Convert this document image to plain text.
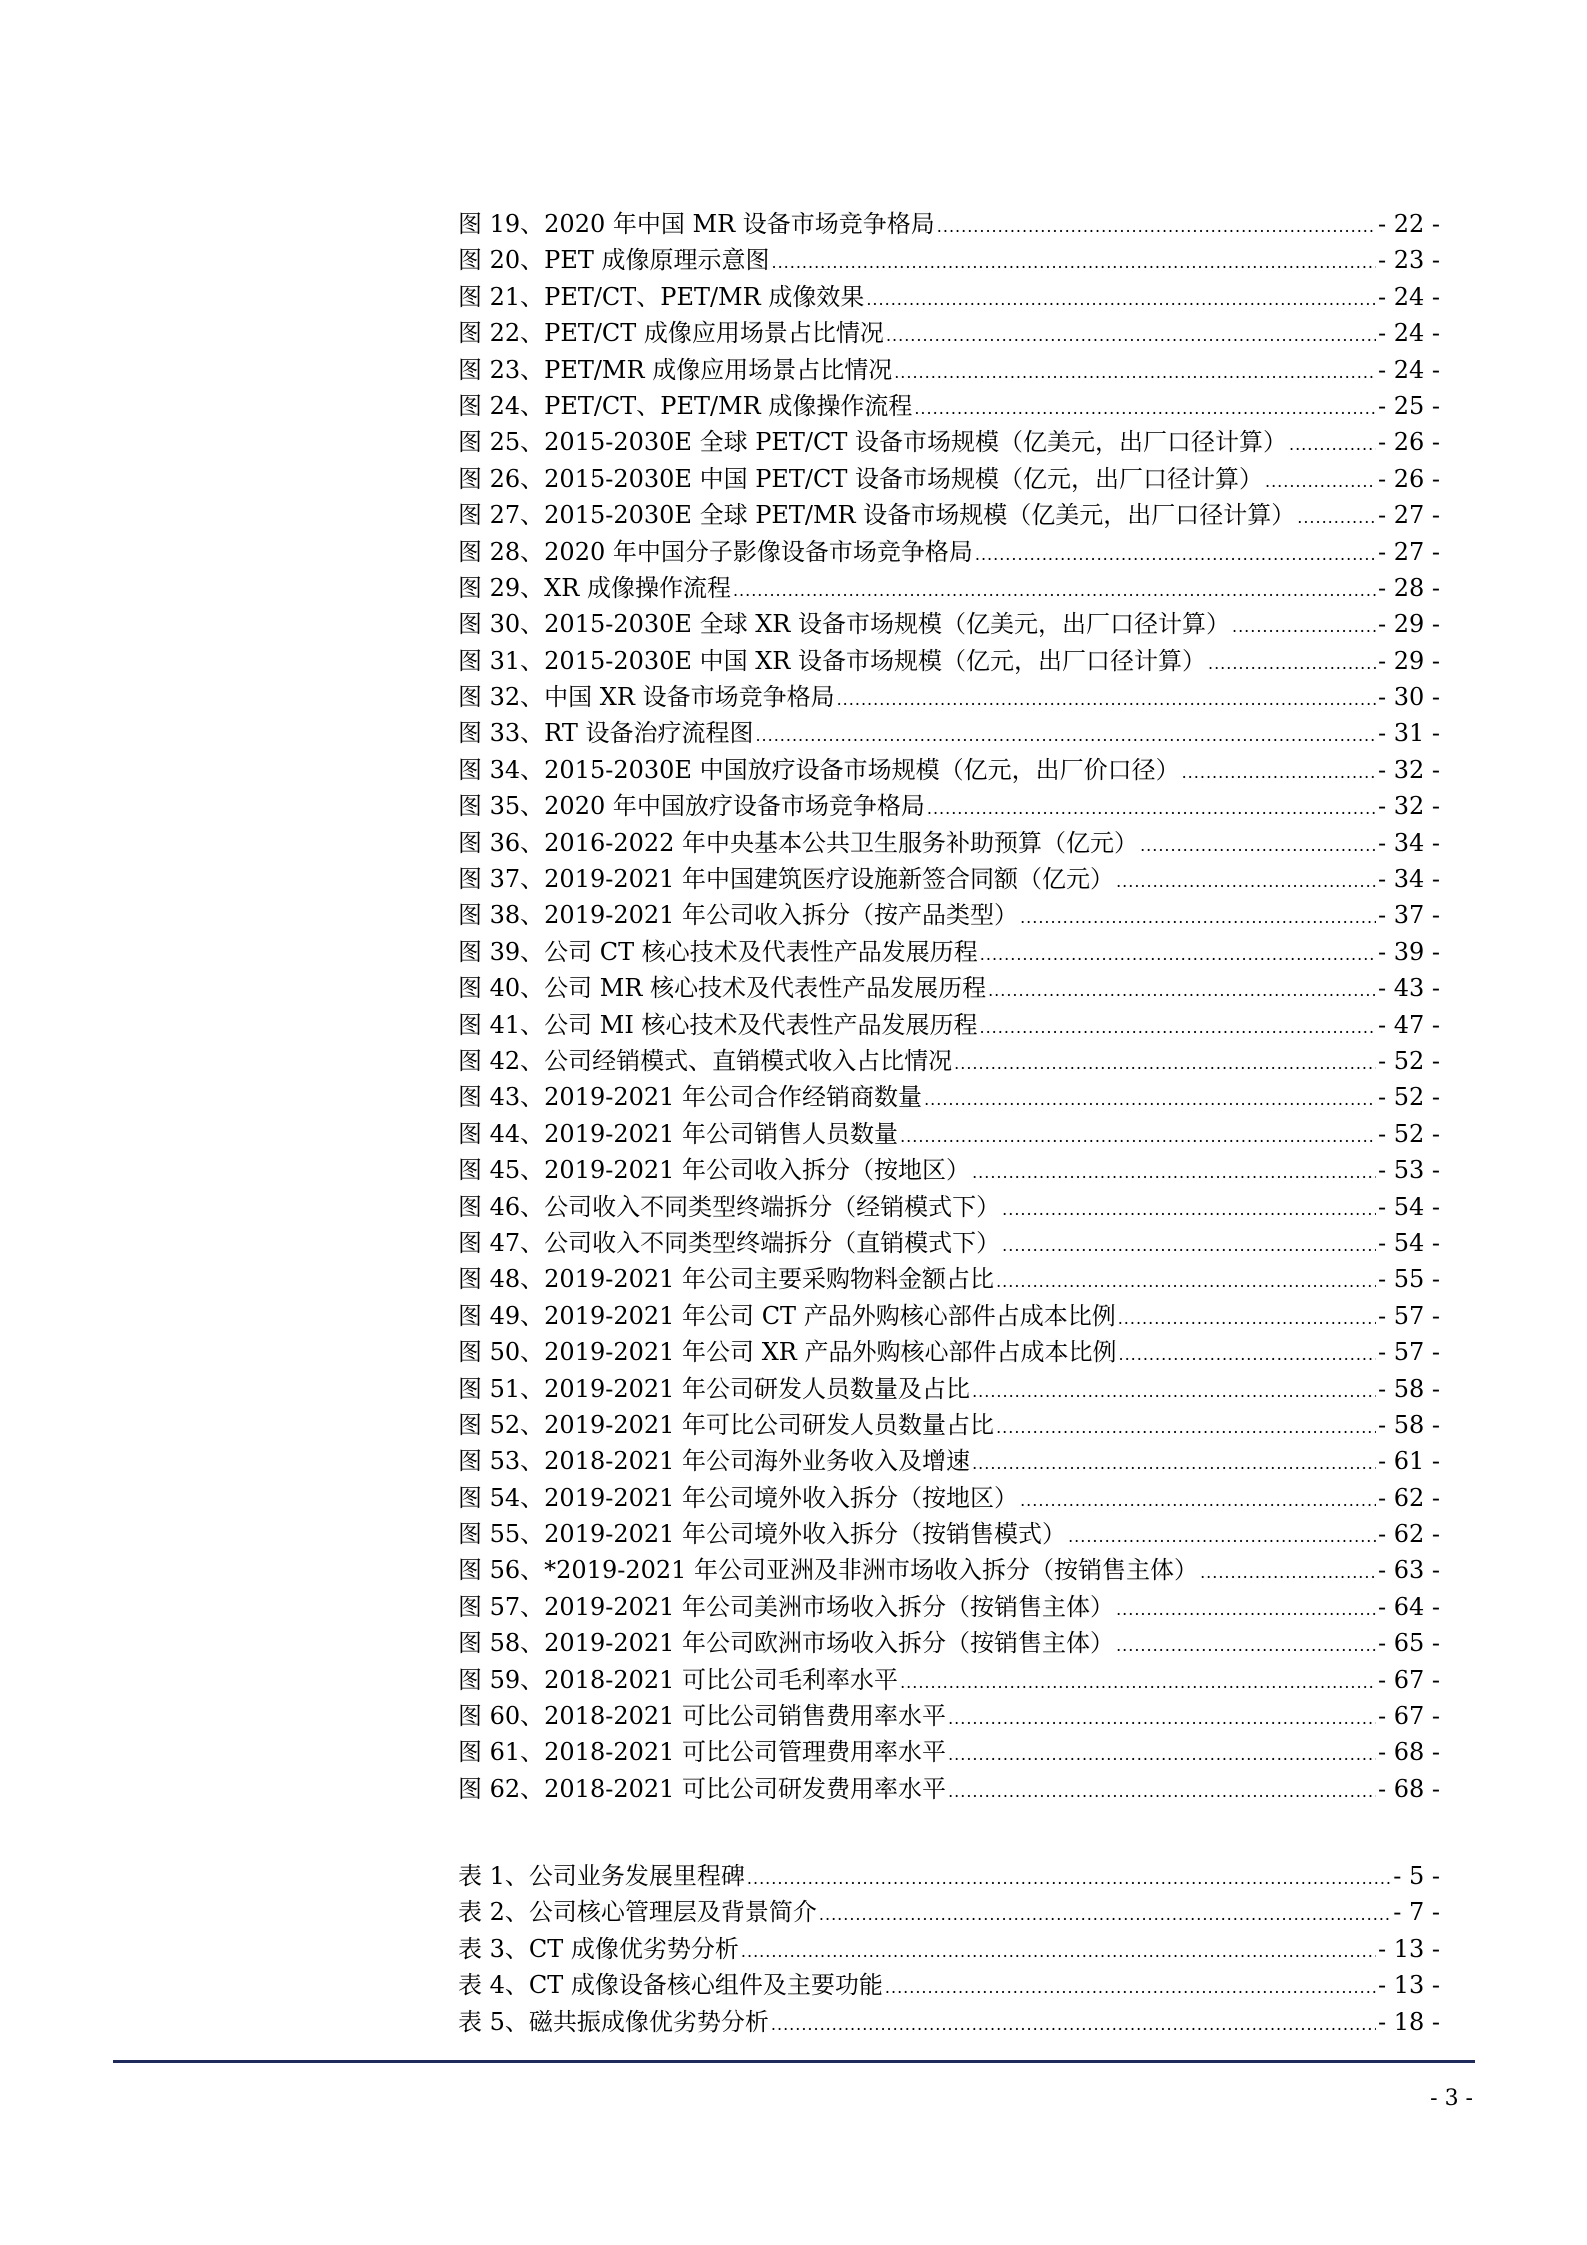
图 19、2020 年中国 MR 设备市场竞争格局 .....	- 22 -
图 20、PET 成像原理示意图 .....	- 23 -
图 21、PET/CT、PET/MR 成像效果 .....	- 24 -
图 22、PET/CT 成像应用场景占比情况 .....	- 24 -
图 23、PET/MR 成像应用场景占比情况 .....	- 24 -
图 24、PET/CT、PET/MR 成像操作流程 .....	- 25 -
图 25、2015-2030E 全球 PET/CT 设备市场规模（亿美元，出厂口径计算） .....	- 26 -
图 26、2015-2030E 中国 PET/CT 设备市场规模（亿元，出厂口径计算） .....	- 26 -
图 27、2015-2030E 全球 PET/MR 设备市场规模（亿美元，出厂口径计算） .....	- 27 -
图 28、2020 年中国分子影像设备市场竞争格局 .....	- 27 -
图 29、XR 成像操作流程 .....	- 28 -
图 30、2015-2030E 全球 XR 设备市场规模（亿美元，出厂口径计算） .....	- 29 -
图 31、2015-2030E 中国 XR 设备市场规模（亿元，出厂口径计算） .....	- 29 -
图 32、中国 XR 设备市场竞争格局 .....	- 30 -
图 33、RT 设备治疗流程图 .....	- 31 -
图 34、2015-2030E 中国放疗设备市场规模（亿元，出厂价口径） .....	- 32 -
图 35、2020 年中国放疗设备市场竞争格局 .....	- 32 -
图 36、2016-2022 年中央基本公共卫生服务补助预算（亿元） .....	- 34 -
图 37、2019-2021 年中国建筑医疗设施新签合同额（亿元） .....	- 34 -
图 38、2019-2021 年公司收入拆分（按产品类型） .....	- 37 -
图 39、公司 CT 核心技术及代表性产品发展历程 .....	- 39 -
图 40、公司 MR 核心技术及代表性产品发展历程 .....	- 43 -
图 41、公司 MI 核心技术及代表性产品发展历程 .....	- 47 -
图 42、公司经销模式、直销模式收入占比情况 .....	- 52 -
图 43、2019-2021 年公司合作经销商数量 .....	- 52 -
图 44、2019-2021 年公司销售人员数量 .....	- 52 -
图 45、2019-2021 年公司收入拆分（按地区） .....	- 53 -
图 46、公司收入不同类型终端拆分（经销模式下） .....	- 54 -
图 47、公司收入不同类型终端拆分（直销模式下） .....	- 54 -
图 48、2019-2021 年公司主要采购物料金额占比 .....	- 55 -
图 49、2019-2021 年公司 CT 产品外购核心部件占成本比例 .....	- 57 -
图 50、2019-2021 年公司 XR 产品外购核心部件占成本比例 .....	- 57 -
图 51、2019-2021 年公司研发人员数量及占比 .....	- 58 -
图 52、2019-2021 年可比公司研发人员数量占比 .....	- 58 -
图 53、2018-2021 年公司海外业务收入及增速 .....	- 61 -
图 54、2019-2021 年公司境外收入拆分（按地区） .....	- 62 -
图 55、2019-2021 年公司境外收入拆分（按销售模式） .....	- 62 -
图 56、*2019-2021 年公司亚洲及非洲市场收入拆分（按销售主体） .....	- 63 -
图 57、2019-2021 年公司美洲市场收入拆分（按销售主体） .....	- 64 -
图 58、2019-2021 年公司欧洲市场收入拆分（按销售主体） .....	- 65 -
图 59、2018-2021 可比公司毛利率水平 .....	- 67 -
图 60、2018-2021 可比公司销售费用率水平 .....	- 67 -
图 61、2018-2021 可比公司管理费用率水平 .....	- 68 -
图 62、2018-2021 可比公司研发费用率水平 .....	- 68 -
表 1、公司业务发展里程碑 .....	- 5 -
表 2、公司核心管理层及背景简介 .....	- 7 -
表 3、CT 成像优劣势分析 .....	- 13 -
表 4、CT 成像设备核心组件及主要功能 .....	- 13 -
表 5、磁共振成像优劣势分析 .....	- 18 -
- 3 -
